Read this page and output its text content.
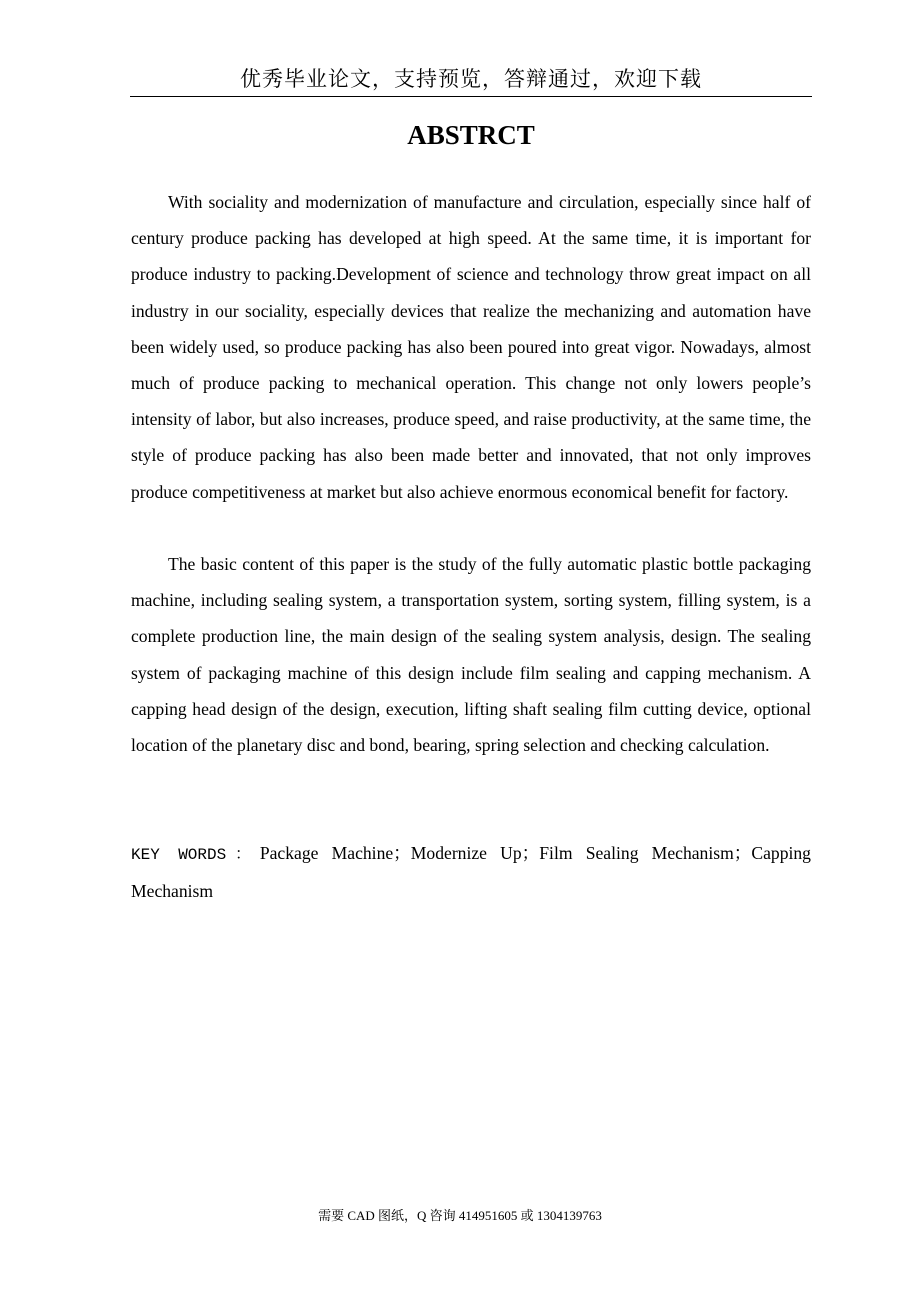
优秀毕业论文，支持预览，答辩通过，欢迎下载
ABSTRCT

With sociality and modernization of manufacture and circulation, especially since half of century produce packing has developed at high speed. At the same time, it is important for produce industry to packing.Development of science and technology throw great impact on all industry in our sociality, especially devices that realize the mechanizing and automation have been widely used, so produce packing has also been poured into great vigor. Nowadays, almost much of produce packing to mechanical operation. This change not only lowers people’s intensity of labor, but also increases, produce speed, and raise productivity, at the same time, the style of produce packing has also been made better and innovated, that not only improves produce competitiveness at market but also achieve enormous economical benefit for factory.

The basic content of this paper is the study of the fully automatic plastic bottle packaging machine, including sealing system, a transportation system, sorting system, filling system, is a complete production line, the main design of the sealing system analysis, design. The sealing system of packaging machine of this design include film sealing and capping mechanism. A capping head design of the design, execution, lifting shaft sealing film cutting device, optional location of the planetary disc and bond, bearing, spring selection and checking calculation.

KEY WORDS：Package Machine；Modernize Up；Film Sealing Mechanism；Capping Mechanism

需要 CAD 图纸，Q 咨询 414951605 或 1304139763
